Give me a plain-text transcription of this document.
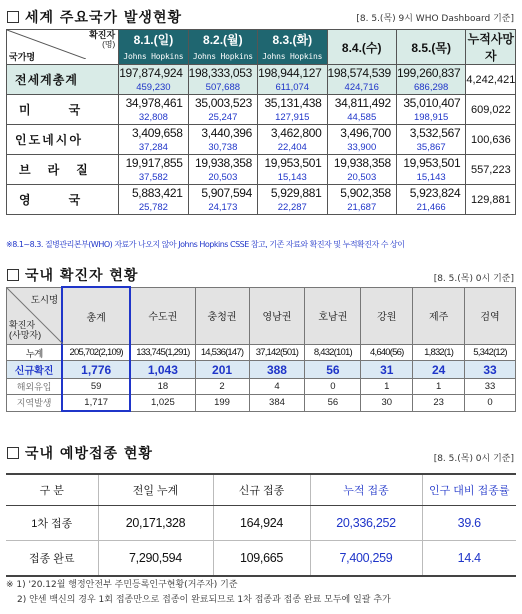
세계 주요국가 발생현황	[8. 5.(목) 9시 WHO Dashboard 기준]
확진자
(명)
국가명	8.1.(일)	8.2.(월)	8.3.(화)	8.4.(수)	8.5.(목)	누적사망자
	Johns Hopkins	Johns Hopkins	Johns Hopkins			
전세계총계	197,874,924	198,333,053	198,944,127	198,574,539	199,260,837	4,242,421
	459,230	507,688	611,074	424,716	686,298	
미국	34,978,461	35,003,523	35,131,438	34,811,492	35,010,407	609,022
	32,808	25,247	127,915	44,585	198,915	
인도네시아	3,409,658	3,440,396	3,462,800	3,496,700	3,532,567	100,636
	37,284	30,738	22,404	33,900	35,867	
브라질	19,917,855	19,938,358	19,953,501	19,938,358	19,953,501	557,223
	37,582	20,503	15,143	20,503	15,143	
영국	5,883,421	5,907,594	5,929,881	5,902,358	5,923,824	129,881
	25,782	24,173	22,287	21,687	21,466	
※8.1~8.3. 질병관리본부(WHO) 자료가 나오지 않아 Johns Hopkins CSSE 참고, 기존 자료와 확진자 및 누적확진자 수 상이
국내 확진자 현황	[8. 5.(목) 0시 기준]
도시명
확진자
(사망자)	총계	수도권	충청권	영남권	호남권	강원	제주	검역
누계	205,702(2,109)	133,745(1,291)	14,536(147)	37,142(501)	8,432(101)	4,640(56)	1,832(1)	5,342(12)
신규확진	1,776	1,043	201	388	56	31	24	33
해외유입	59	18	2	4	0	1	1	33
지역발생	1,717	1,025	199	384	56	30	23	0
국내 예방접종 현황	[8. 5.(목) 0시 기준]
구 분	전일 누계	신규 접종	누적 접종	인구 대비 접종률
1차 접종	20,171,328	164,924	20,336,252	39.6
접종 완료	7,290,594	109,665	7,400,259	14.4
※ 1) '20.12월 행정안전부 주민등록인구현황(거주자) 기준
2) 얀센 백신의 경우 1회 접종만으로 접종이 완료되므로 1차 접종과 접종 완료 모두에 일괄 추가
